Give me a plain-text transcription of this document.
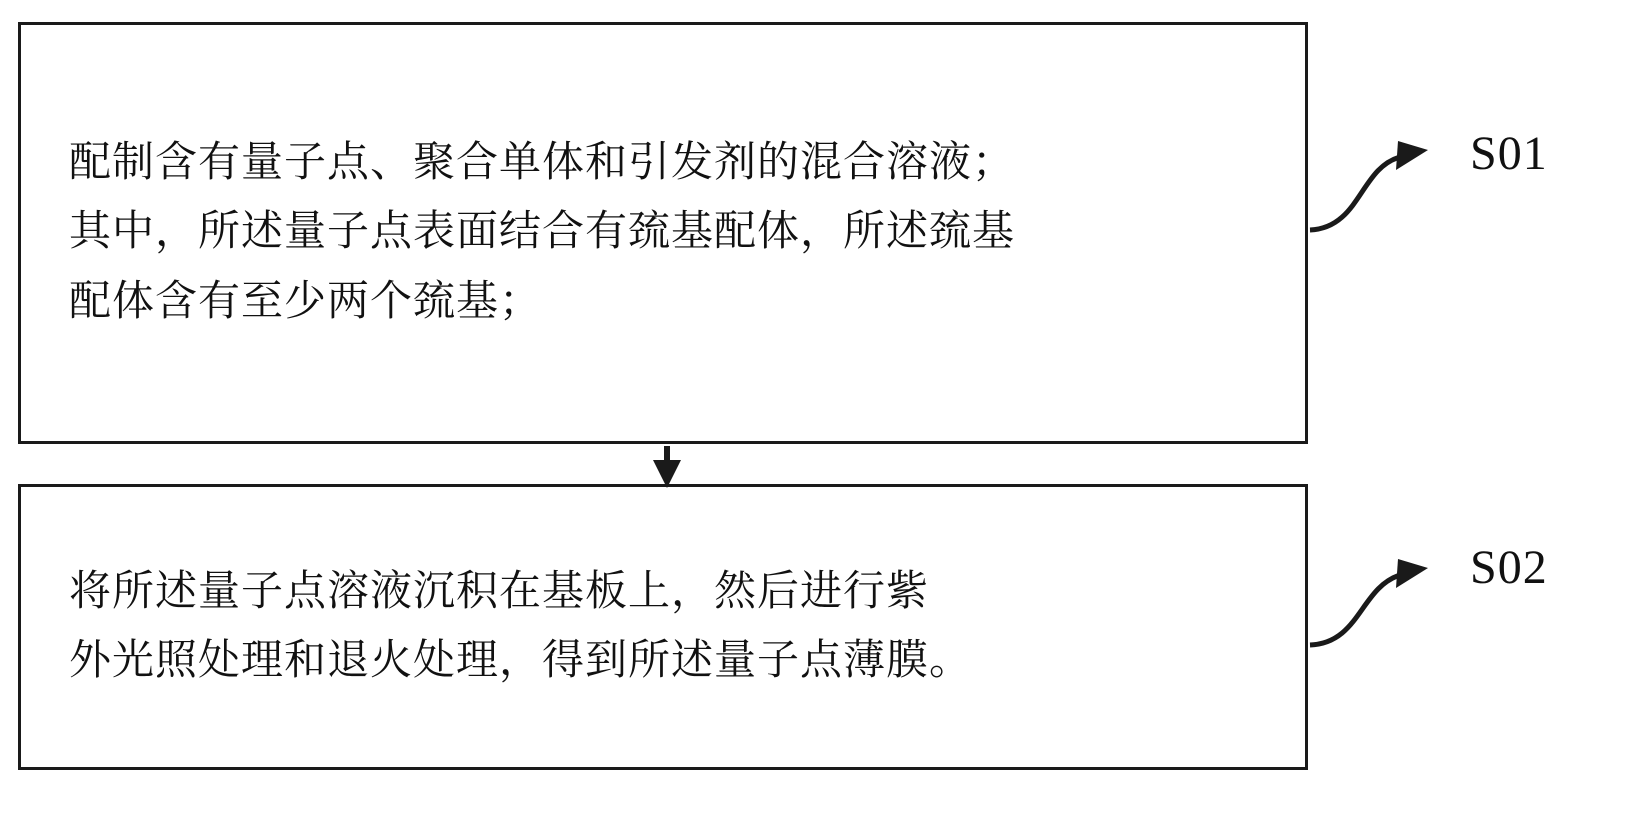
配制含有量子点、聚合单体和引发剂的混合溶液；
其中，所述量子点表面结合有巯基配体，所述巯基
配体含有至少两个巯基；
将所述量子点溶液沉积在基板上，然后进行紫
外光照处理和退火处理，得到所述量子点薄膜。
S01
S02
